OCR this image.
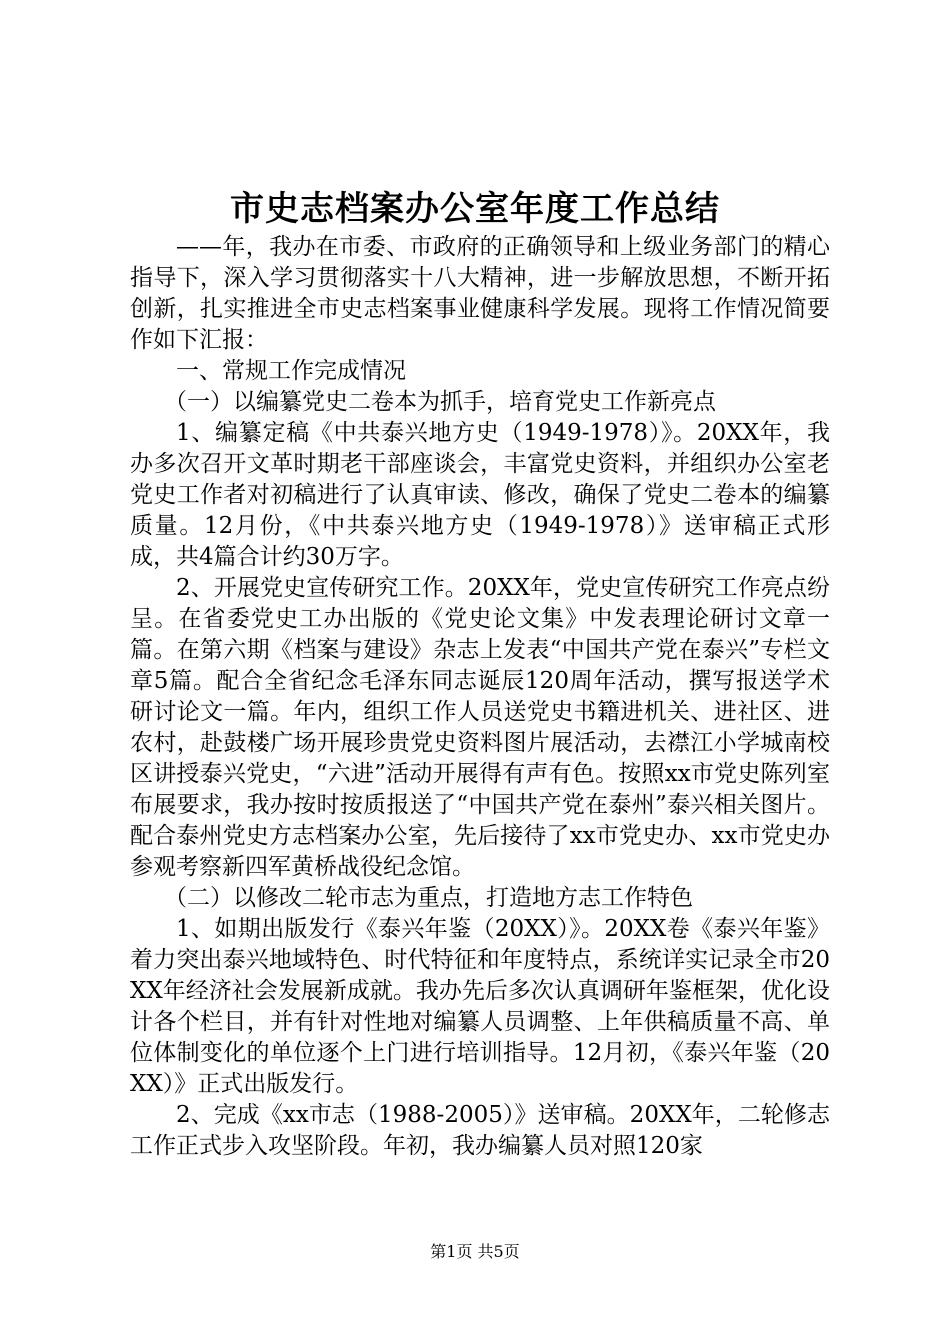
市史志档案办公室年度工作总结

——年，我办在市委、市政府的正确领导和上级业务部门的精心指导下，深入学习贯彻落实十八大精神，进一步解放思想，不断开拓创新，扎实推进全市史志档案事业健康科学发展。现将工作情况简要作如下汇报：

一、常规工作完成情况

（一）以编纂党史二卷本为抓手，培育党史工作新亮点

1、编纂定稿《中共泰兴地方史（1949-1978）》。20XX年，我办多次召开文革时期老干部座谈会，丰富党史资料，并组织办公室老党史工作者对初稿进行了认真审读、修改，确保了党史二卷本的编纂质量。12月份，《中共泰兴地方史（1949-1978）》送审稿正式形成，共4篇合计约30万字。

2、开展党史宣传研究工作。20XX年，党史宣传研究工作亮点纷呈。在省委党史工办出版的《党史论文集》中发表理论研讨文章一篇。在第六期《档案与建设》杂志上发表“中国共产党在泰兴”专栏文章5篇。配合全省纪念毛泽东同志诞辰120周年活动，撰写报送学术研讨论文一篇。年内，组织工作人员送党史书籍进机关、进社区、进农村，赴鼓楼广场开展珍贵党史资料图片展活动，去襟江小学城南校区讲授泰兴党史，“六进”活动开展得有声有色。按照xx市党史陈列室布展要求，我办按时按质报送了“中国共产党在泰州”泰兴相关图片。配合泰州党史方志档案办公室，先后接待了xx市党史办、xx市党史办参观考察新四军黄桥战役纪念馆。

（二）以修改二轮市志为重点，打造地方志工作特色

1、如期出版发行《泰兴年鉴（20XX）》。20XX卷《泰兴年鉴》着力突出泰兴地域特色、时代特征和年度特点，系统详实记录全市20XX年经济社会发展新成就。我办先后多次认真调研年鉴框架，优化设计各个栏目，并有针对性地对编纂人员调整、上年供稿质量不高、单位体制变化的单位逐个上门进行培训指导。12月初，《泰兴年鉴（20XX）》正式出版发行。

2、完成《xx市志（1988-2005）》送审稿。20XX年，二轮修志工作正式步入攻坚阶段。年初，我办编纂人员对照120家

第1页 共5页
